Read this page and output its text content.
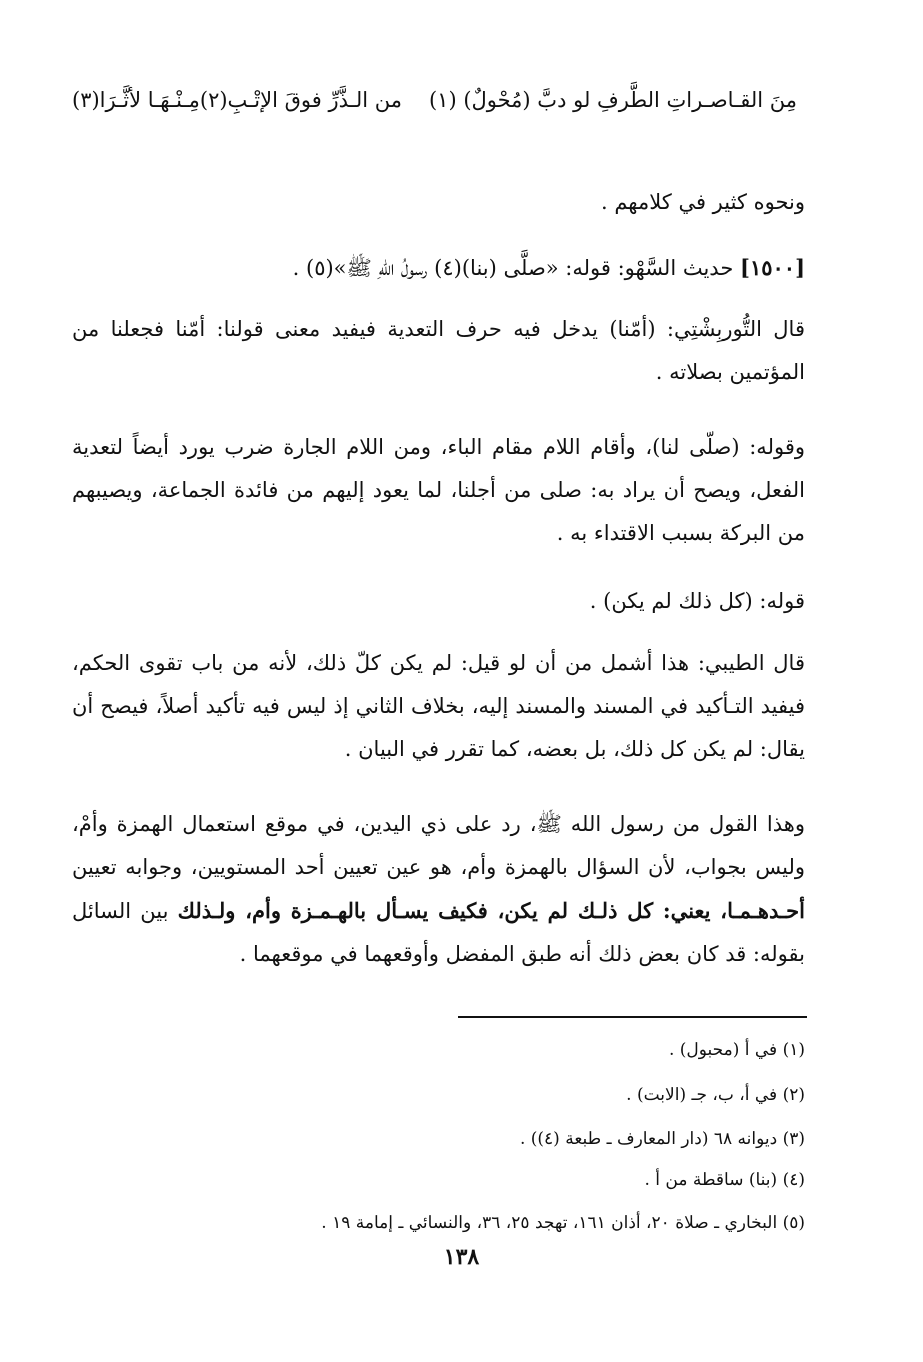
مِنَ القـاصـراتِ الطَّرفِ لو دبَّ (مُحْولٌ) (١)
من الـذَّرِّ فوقَ الإتْـبِ(٢)مِـنْـهَـا لأثَّـرَا(٣)
ونحوه كثير في كلامهم .
[١٥٠٠] حديث السَّهْو: قوله: «صلَّى (بنا)(٤) رسولُ اللهِ ﷺ»(٥) .
قال التُّوربِشْتِي: (أمّنا) يدخل فيه حرف التعدية فيفيد معنى قولنا: أمّنا فجعلنا من المؤتمين بصلاته .
وقوله: (صلّى لنا)، وأقام اللام مقام الباء، ومن اللام الجارة ضرب يورد أيضاً لتعدية الفعل، ويصح أن يراد به: صلى من أجلنا، لما يعود إليهم من فائدة الجماعة، ويصيبهم من البركة بسبب الاقتداء به .
قوله: (كل ذلك لم يكن) .
قال الطيبي: هذا أشمل من أن لو قيل: لم يكن كلّ ذلك، لأنه من باب تقوى الحكم، فيفيد التـأكيد في المسند والمسند إليه، بخلاف الثاني إذ ليس فيه تأكيد أصلاً، فيصح أن يقال: لم يكن كل ذلك، بل بعضه، كما تقرر في البيان .
وهذا القول من رسول الله ﷺ، رد على ذي اليدين، في موقع استعمال الهمزة وأمْ، وليس بجواب، لأن السؤال بالهمزة وأم، هو عين تعيين أحد المستويين، وجوابه تعيين أحـدهـمـا، يعني: كل ذلـك لم يكن، فكيف يسـأل بالهـمـزة وأم، ولـذلك بين السائل بقوله: قد كان بعض ذلك أنه طبق المفضل وأوقعهما في موقعهما .
(١) في أ (محبول) .
(٢) في أ، ب، جـ (الابت) .
(٣) ديوانه ٦٨ (دار المعارف ـ طبعة (٤)) .
(٤) (بنا) ساقطة من أ .
(٥) البخاري ـ صلاة ٢٠، أذان ١٦١، تهجد ٢٥، ٣٦، والنسائي ـ إمامة ١٩ .
١٣٨
